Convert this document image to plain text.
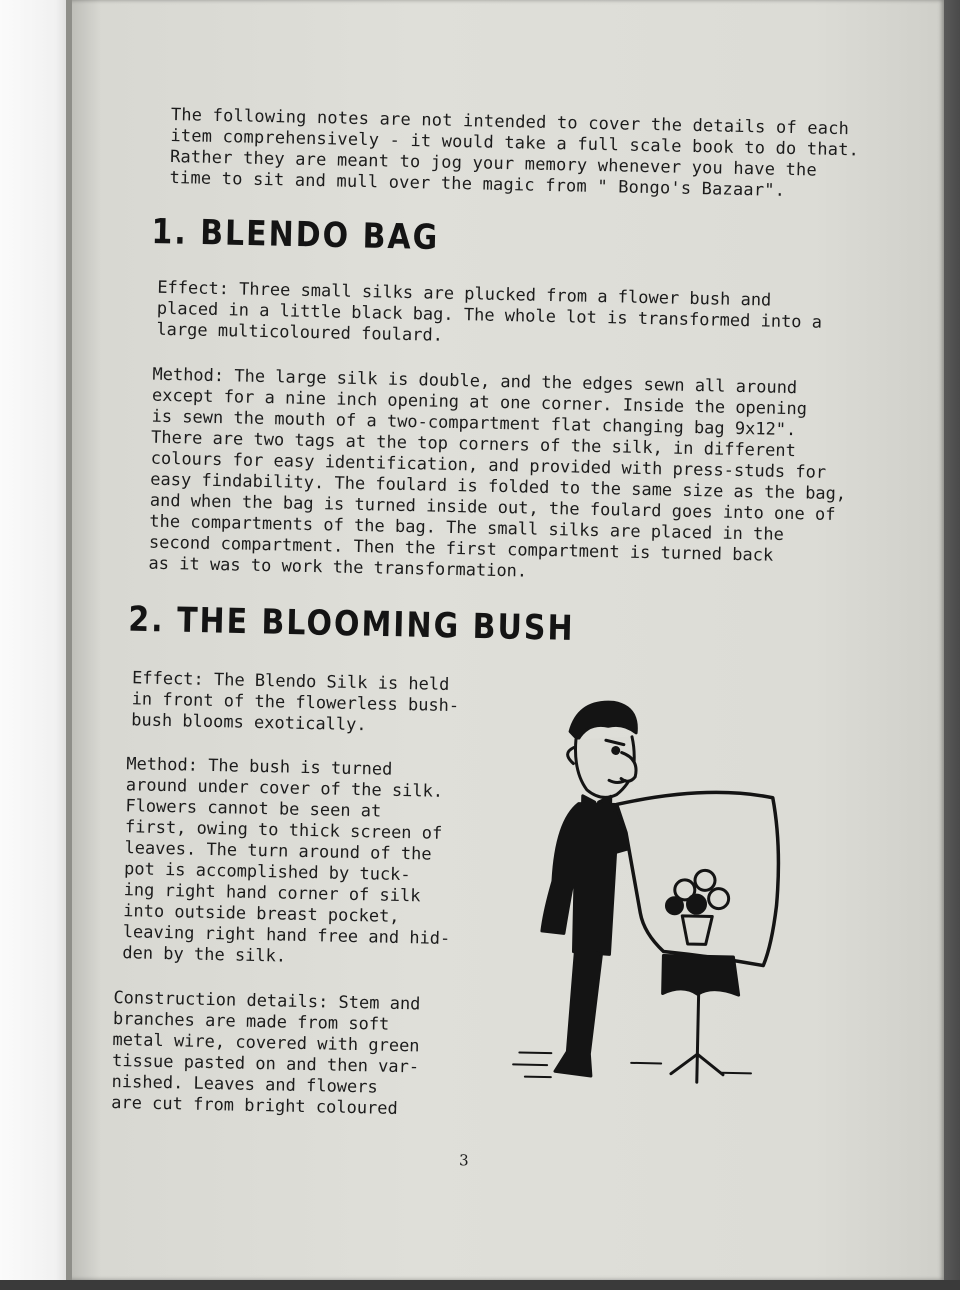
The following notes are not intended to cover the details of each
item comprehensively - it would take a full scale book to do that.
Rather they are meant to jog your memory whenever you have the
time to sit and mull over the magic from " Bongo's Bazaar".
1. BLENDO BAG
Effect: Three small silks are plucked from a flower bush and
placed in a little black bag. The whole lot is transformed into a
large multicoloured foulard.
Method: The large silk is double, and the edges sewn all around
except for a nine inch opening at one corner. Inside the opening
is sewn the mouth of a two-compartment flat changing bag 9x12".
There are two tags at the top corners of the silk, in different
colours for easy identification, and provided with press-studs for
easy findability. The foulard is folded to the same size as the bag,
and when the bag is turned inside out, the foulard goes into one of
the compartments of the bag. The small silks are placed in the
second compartment. Then the first compartment is turned back
as it was to work the transformation.
2. THE BLOOMING BUSH
Effect: The Blendo Silk is held
in front of the flowerless bush-
bush blooms exotically.
Method: The bush is turned
around under cover of the silk.
Flowers cannot be seen at
first, owing to thick screen of
leaves. The turn around of the
pot is accomplished by tuck-
ing right hand corner of silk
into outside breast pocket,
leaving right hand free and hid-
den by the silk.
Construction details: Stem and
branches are made from soft
metal wire, covered with green
tissue pasted on and then var-
nished. Leaves and flowers
are cut from bright coloured
3
